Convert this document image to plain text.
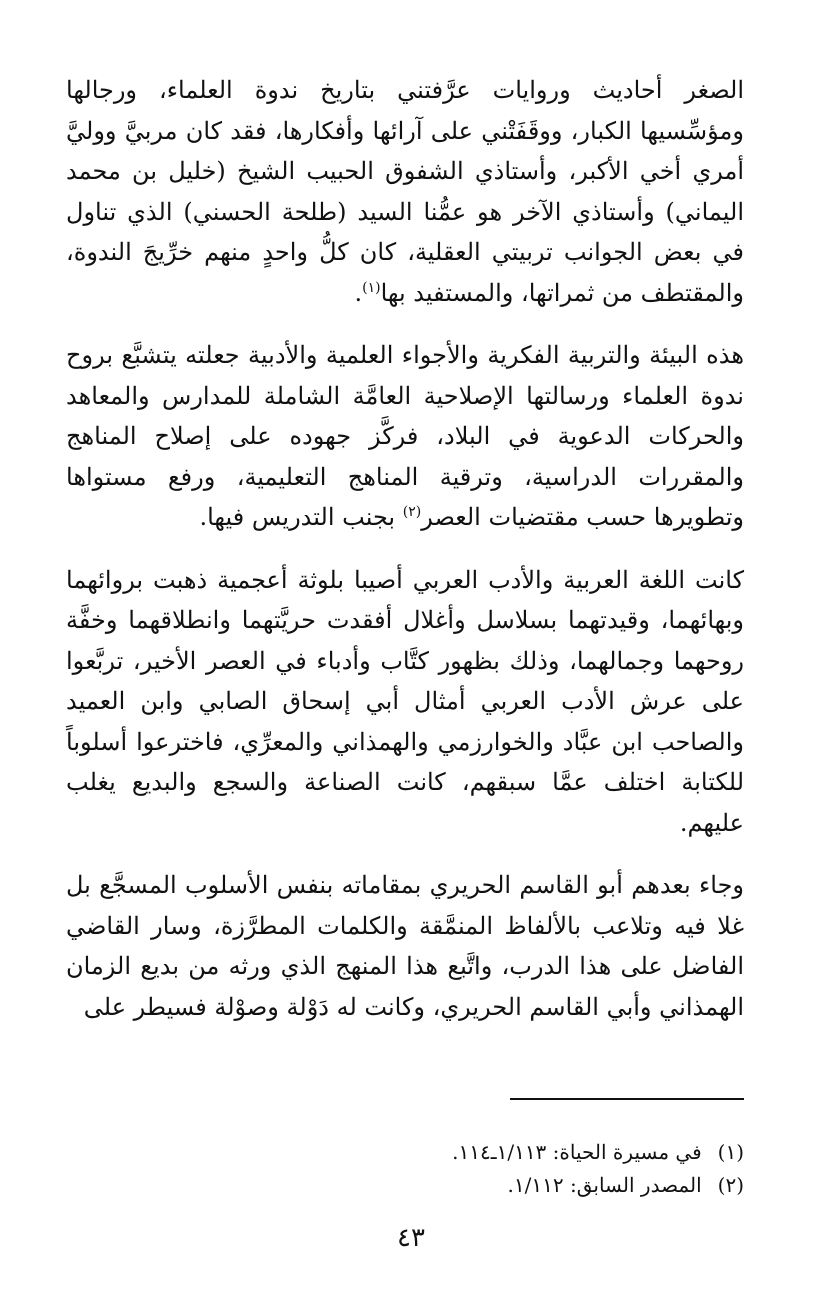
الصغر أحاديث وروايات عرَّفتني بتاريخ ندوة العلماء، ورجالها ومؤسِّسيها الكبار، ووقَفَتْني على آرائها وأفكارها، فقد كان مربيَّ ووليَّ أمري أخي الأكبر، وأستاذي الشفوق الحبيب الشيخ (خليل بن محمد اليماني) وأستاذي الآخر هو عمُّنا السيد (طلحة الحسني) الذي تناول في بعض الجوانب تربيتي العقلية، كان كلُّ واحدٍ منهم خرِّيجَ الندوة، والمقتطف من ثمراتها، والمستفيد بها$^{(١)}$.

هذه البيئة والتربية الفكرية والأجواء العلمية والأدبية جعلته يتشبَّع بروح ندوة العلماء ورسالتها الإصلاحية العامَّة الشاملة للمدارس والمعاهد والحركات الدعوية في البلاد، فركَّز جهوده على إصلاح المناهج والمقررات الدراسية، وترقية المناهج التعليمية، ورفع مستواها وتطويرها حسب مقتضيات العصر$^{(٢)}$ بجنب التدريس فيها.

كانت اللغة العربية والأدب العربي أصيبا بلوثة أعجمية ذهبت بروائهما وبهائهما، وقيدتهما بسلاسل وأغلال أفقدت حريَّتهما وانطلاقهما وخفَّة روحهما وجمالهما، وذلك بظهور كتَّاب وأدباء في العصر الأخير، تربَّعوا على عرش الأدب العربي أمثال أبي إسحاق الصابي وابن العميد والصاحب ابن عبَّاد والخوارزمي والهمذاني والمعرِّي، فاخترعوا أسلوباً للكتابة اختلف عمَّا سبقهم، كانت الصناعة والسجع والبديع يغلب عليهم.

وجاء بعدهم أبو القاسم الحريري بمقاماته بنفس الأسلوب المسجَّع بل غلا فيه وتلاعب بالألفاظ المنمَّقة والكلمات المطرَّزة، وسار القاضي الفاضل على هذا الدرب، واتَّبع هذا المنهج الذي ورثه من بديع الزمان الهمذاني وأبي القاسم الحريري، وكانت له دَوْلة وصوْلة فسيطر على

(١)في مسيرة الحياة: ١/١١٣ـ١١٤.
(٢)المصدر السابق: ١/١١٢.
٤٣
